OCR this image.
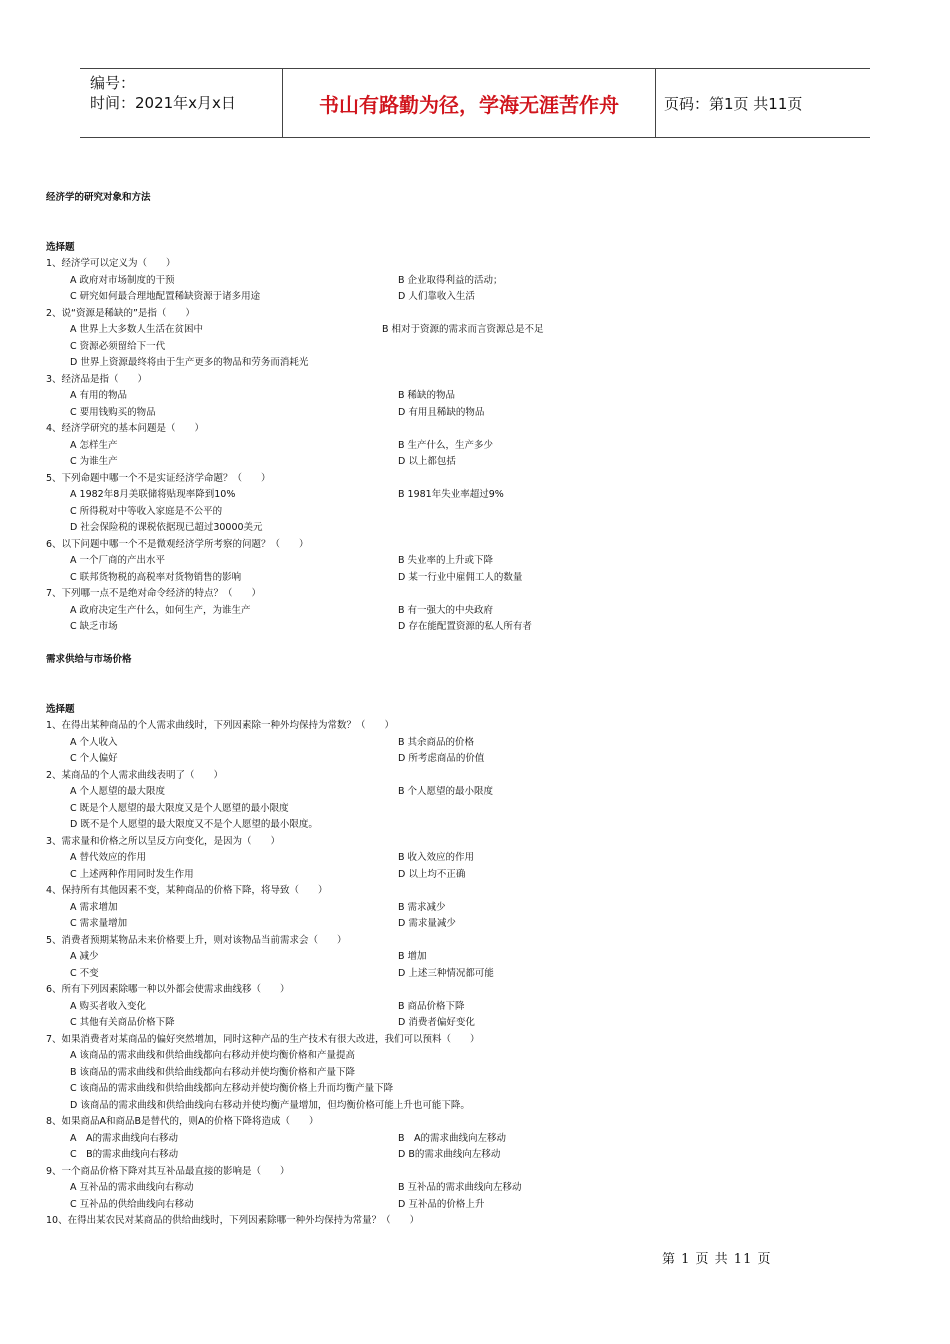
编号：
时间：2021年x月x日	书山有路勤为径，学海无涯苦作舟	页码：第1页 共11页
经济学的研究对象和方法
选择题
1、经济学可以定义为（　　）
A 政府对市场制度的干预	B 企业取得利益的活动；
C 研究如何最合理地配置稀缺资源于诸多用途	D 人们靠收入生活
2、说“资源是稀缺的”是指（　　）
A 世界上大多数人生活在贫困中	B 相对于资源的需求而言资源总是不足
C 资源必须留给下一代
D 世界上资源最终将由于生产更多的物品和劳务而消耗光
3、经济品是指（　　）
A 有用的物品	B 稀缺的物品
C 要用钱购买的物品	D 有用且稀缺的物品
4、经济学研究的基本问题是（　　）
A 怎样生产	B 生产什么，生产多少
C 为谁生产	D 以上都包括
5、下列命题中哪一个不是实证经济学命题？（　　）
A 1982年8月美联储将贴现率降到10%	B 1981年失业率超过9%
C 所得税对中等收入家庭是不公平的
D 社会保险税的课税依据现已超过30000美元
6、以下问题中哪一个不是微观经济学所考察的问题？（　　）
A 一个厂商的产出水平	B 失业率的上升或下降
C 联邦货物税的高税率对货物销售的影响	D 某一行业中雇佣工人的数量
7、下列哪一点不是绝对命令经济的特点？（　　）
A 政府决定生产什么，如何生产，为谁生产	B 有一强大的中央政府
C 缺乏市场	D 存在能配置资源的私人所有者
需求供给与市场价格
选择题
1、在得出某种商品的个人需求曲线时，下列因素除一种外均保持为常数？（　　）
A 个人收入	B 其余商品的价格
C 个人偏好	D 所考虑商品的价值
2、某商品的个人需求曲线表明了（　　）
A 个人愿望的最大限度	B 个人愿望的最小限度
C 既是个人愿望的最大限度又是个人愿望的最小限度
D 既不是个人愿望的最大限度又不是个人愿望的最小限度。
3、需求量和价格之所以呈反方向变化，是因为（　　）
A 替代效应的作用	B 收入效应的作用
C 上述两种作用同时发生作用	D 以上均不正确
4、保持所有其他因素不变，某种商品的价格下降，将导致（　　）
A 需求增加	B 需求减少
C 需求量增加	D 需求量减少
5、消费者预期某物品未来价格要上升，则对该物品当前需求会（　　）
A 减少	B 增加
C 不变	D 上述三种情况都可能
6、所有下列因素除哪一种以外都会使需求曲线移（　　）
A 购买者收入变化	B 商品价格下降
C 其他有关商品价格下降	D 消费者偏好变化
7、如果消费者对某商品的偏好突然增加，同时这种产品的生产技术有很大改进，我们可以预料（　　）
A 该商品的需求曲线和供给曲线都向右移动并使均衡价格和产量提高
B 该商品的需求曲线和供给曲线都向右移动并使均衡价格和产量下降
C 该商品的需求曲线和供给曲线都向左移动并使均衡价格上升而均衡产量下降
D 该商品的需求曲线和供给曲线向右移动并使均衡产量增加，但均衡价格可能上升也可能下降。
8、如果商品A和商品B是替代的，则A的价格下降将造成（　　）
A　A的需求曲线向右移动	B　A的需求曲线向左移动
C　B的需求曲线向右移动	D B的需求曲线向左移动
9、一个商品价格下降对其互补品最直接的影响是（　　）
A 互补品的需求曲线向右称动	B 互补品的需求曲线向左移动
C 互补品的供给曲线向右移动	D 互补品的价格上升
10、在得出某农民对某商品的供给曲线时，下列因素除哪一种外均保持为常量？（　　）
第 1 页 共 11 页
